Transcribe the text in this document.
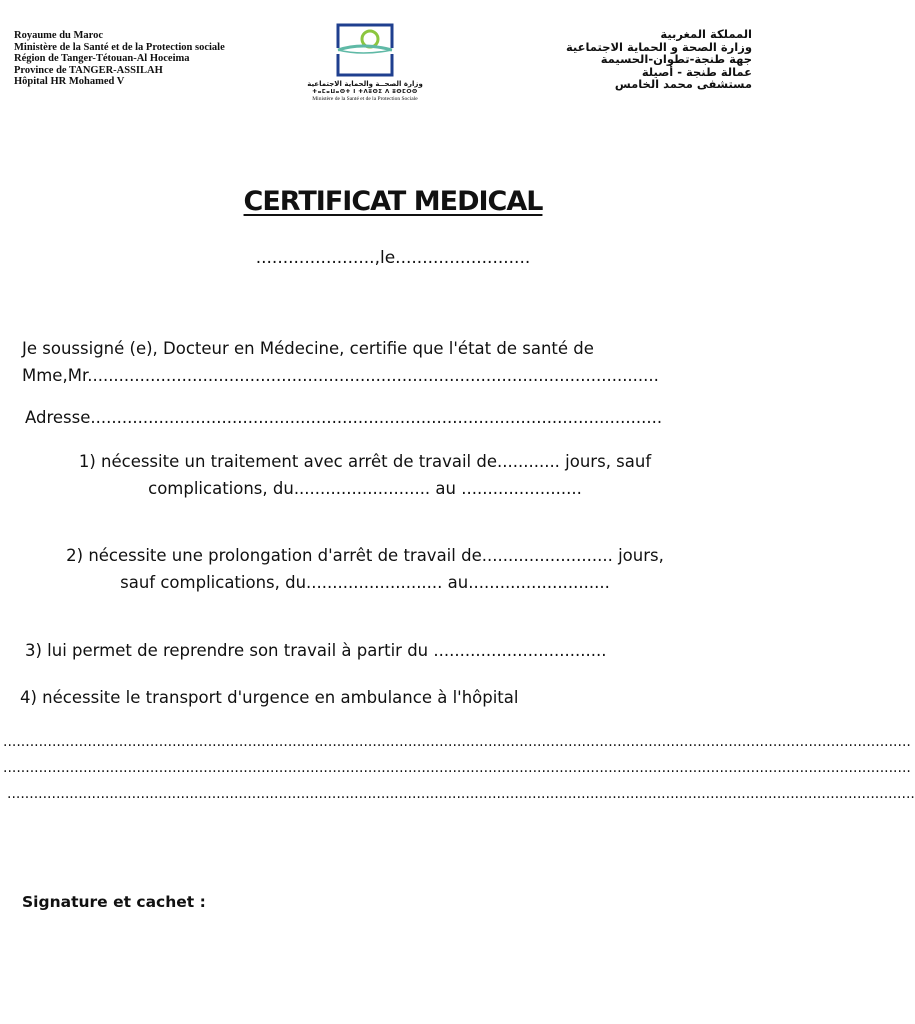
Royaume du Maroc
Ministère de la Santé et de la Protection sociale
Région de Tanger-Tétouan-Al Hoceima
Province de TANGER-ASSILAH
Hôpital HR Mohamed V	وزارة الصحــة والحماية الاجتماعية
ⵜⴰⵎⴰⵡⴰⵙⵜ ⵏ ⵜⴷⵓⵙⵉ ⴷ ⵓⵙⵎⵔⵙ
Ministère de la Santé et de la Protection Sociale
المملكة المغربية
وزارة الصحة و الحماية الاجتماعية
جهة طنجة-تطوان-الحسيمة
عمالة طنجة - أصيلة
مستشفى محمد الخامس
CERTIFICAT MEDICAL
......................,le.........................
Je soussigné (e), Docteur en Médecine, certifie que l'état de santé de
Mme,Mr.............................................................................................................
Adresse.............................................................................................................
1) nécessite un traitement avec arrêt de travail de............ jours, sauf
complications, du.......................... au .......................
2) nécessite une prolongation d'arrêt de travail de......................... jours,
sauf complications, du.......................... au...........................
3) lui permet de reprendre son travail à partir du .................................
4) nécessite le transport d'urgence en ambulance à l'hôpital
............................................................................................................................................................................................................
............................................................................................................................................................................................................
............................................................................................................................................................................................................
Signature et cachet :
